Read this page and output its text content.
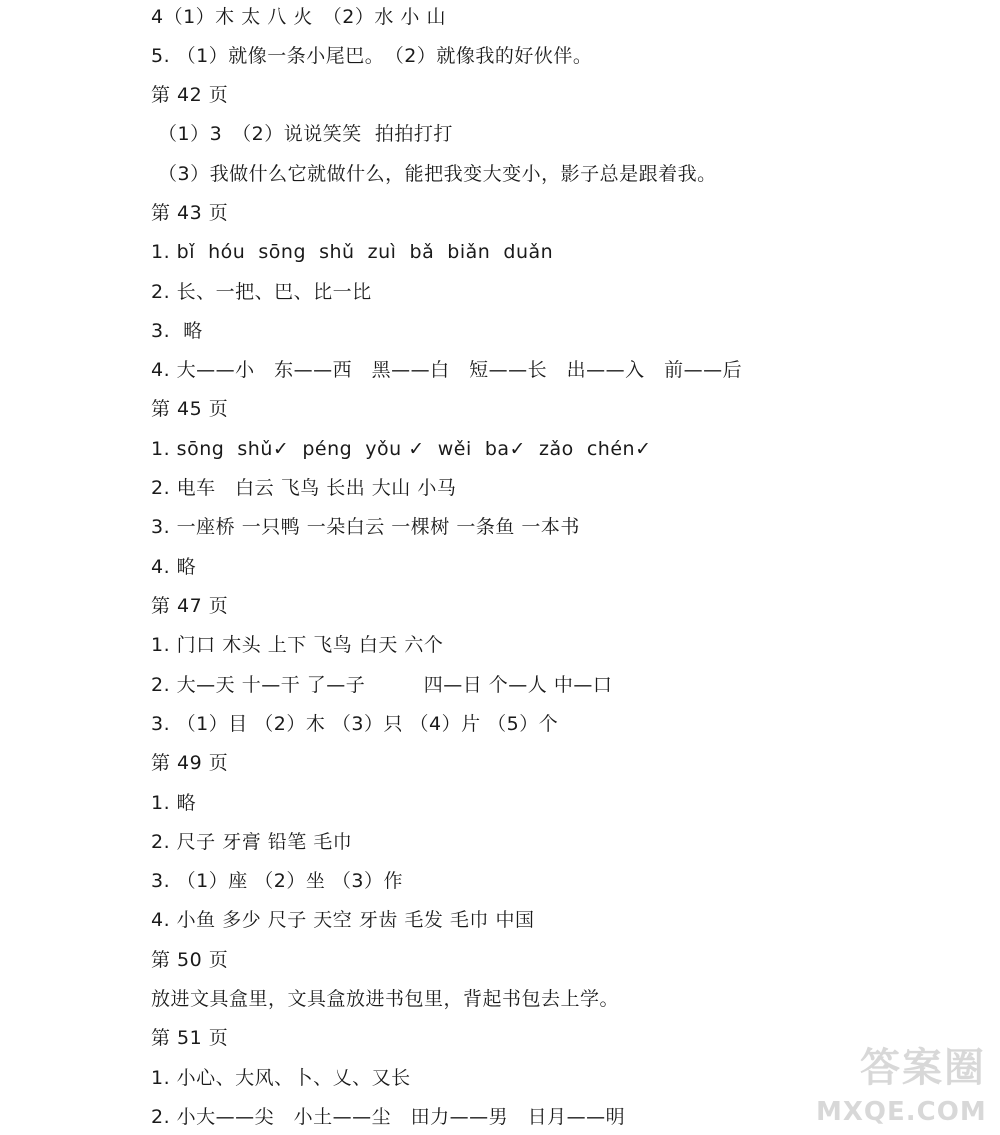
4（1）木 太 八 火　（2）水 小 山
5. （1）就像一条小尾巴。　（2）就像我的好伙伴。
第 42 页
（1）3　（2）说说笑笑  拍拍打打
（3）我做什么它就做什么，能把我变大变小，影子总是跟着我。
第 43 页
1. bǐ  hóu  sōng  shǔ  zuì  bǎ  biǎn  duǎn
2. 长、一把、巴、比一比
3.  略
4. 大——小　东——西　黑——白　短——长　出——入　前——后
第 45 页
1. sōng  shǔ✓  péng  yǒu ✓  wěi  ba✓  zǎo  chén✓
2. 电车　白云 飞鸟 长出 大山 小马
3. 一座桥 一只鸭 一朵白云 一棵树 一条鱼 一本书
4. 略
第 47 页
1. 门口 木头 上下 飞鸟 白天 六个
2. 大—天 十—干 了—子　　　四—日 个—人 中—口
3. （1）目 （2）木 （3）只 （4）片 （5）个
第 49 页
1. 略
2. 尺子 牙膏 铅笔 毛巾
3. （1）座 （2）坐 （3）作
4. 小鱼 多少 尺子 天空 牙齿 毛发 毛巾 中国
第 50 页
放进文具盒里，文具盒放进书包里，背起书包去上学。
第 51 页
1. 小心、大风、卜、乂、又长
2. 小大——尖　小土——尘　田力——男　日月——明
答案圈
MXQE.COM
